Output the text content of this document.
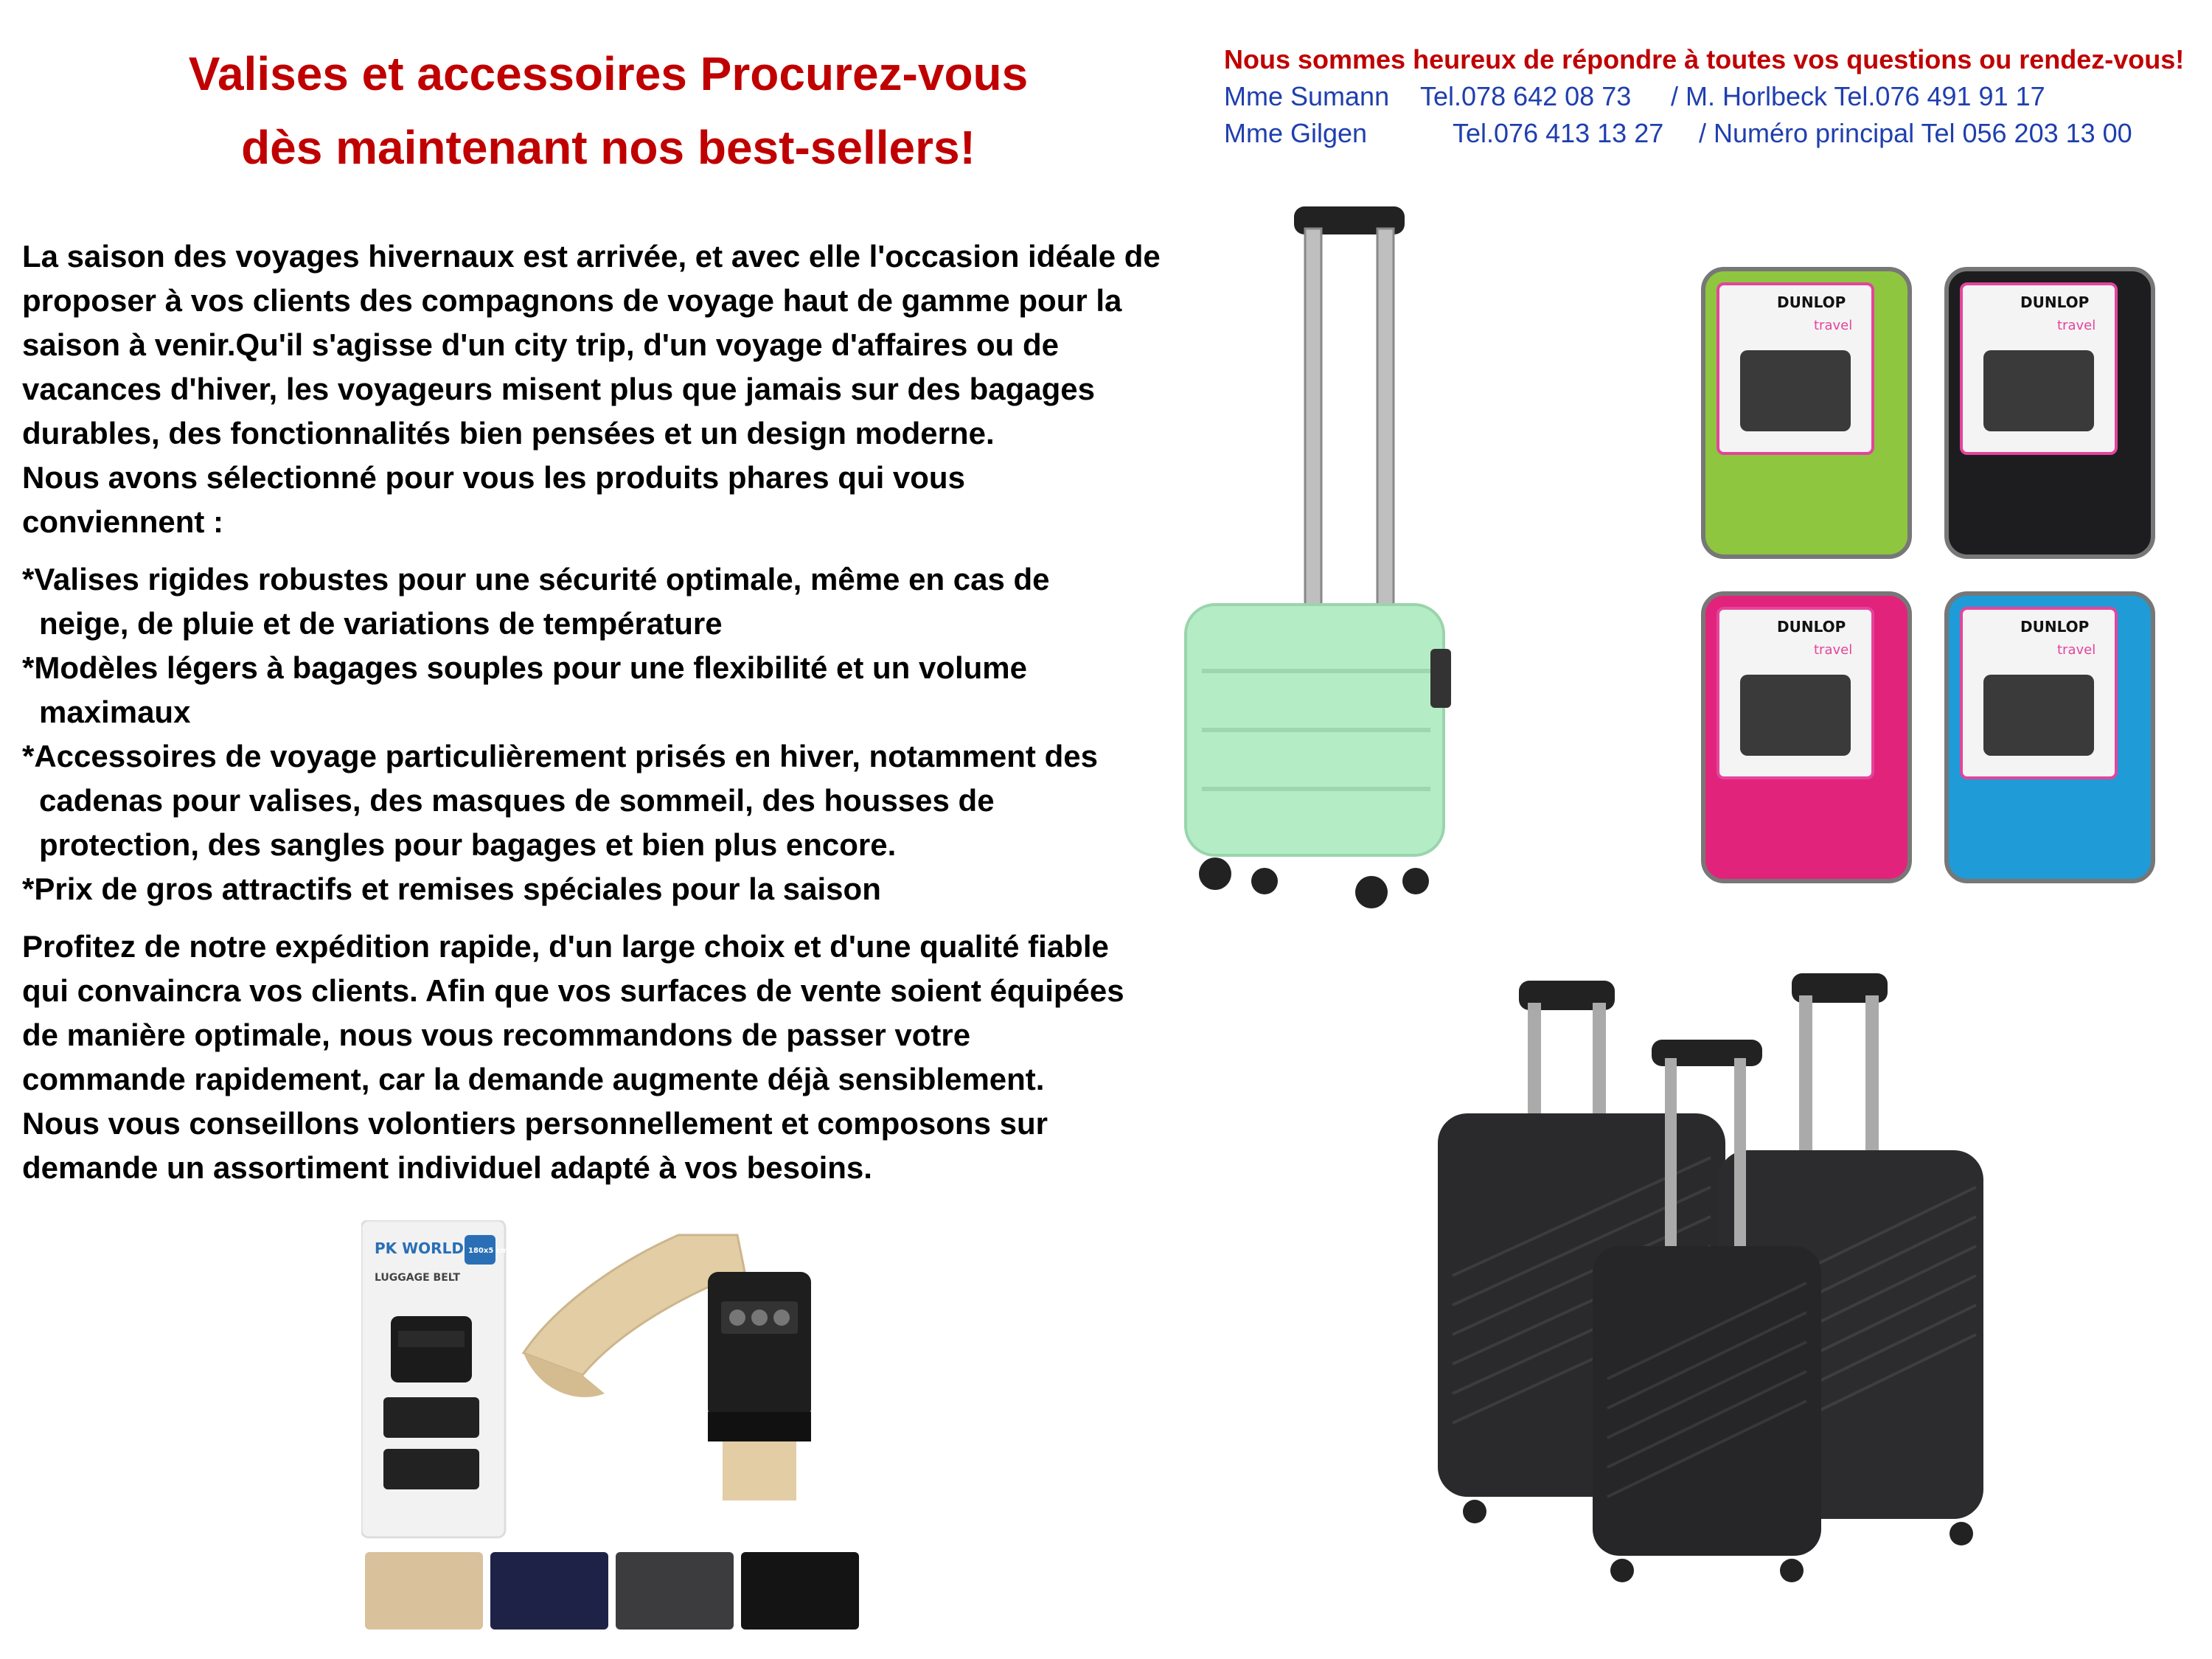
Valises et accessoires Procurez-vous
dès maintenant nos best-sellers!
Nous sommes heureux de répondre à toutes vos questions ou rendez-vous!
Mme Sumann Tel.078 642 08 73 / M. Horlbeck Tel.076 491 91 17
Mme Gilgen	Tel.076 413 13 27 / Numéro principal Tel 056 203 13 00

La saison des voyages hivernaux est arrivée, et avec elle l'occasion idéale de

proposer à vos clients des compagnons de voyage haut de gamme pour la

saison à venir.Qu'il s'agisse d'un city trip, d'un voyage d'affaires ou de

vacances d'hiver, les voyageurs misent plus que jamais sur des bagages

durables, des fonctionnalités bien pensées et un design moderne.

Nous avons sélectionné pour vous les produits phares qui vous

conviennent :

*Valises rigides robustes pour une sécurité optimale, même en cas de

neige, de pluie et de variations de température

*Modèles légers à bagages souples pour une flexibilité et un volume

maximaux

*Accessoires de voyage particulièrement prisés en hiver, notamment des

cadenas pour valises, des masques de sommeil, des housses de

protection, des sangles pour bagages et bien plus encore.

*Prix de gros attractifs et remises spéciales pour la saison

Profitez de notre expédition rapide, d'un large choix et d'une qualité fiable

qui convaincra vos clients. Afin que vos surfaces de vente soient équipées

de manière optimale, nous vous recommandons de passer votre

commande rapidement, car la demande augmente déjà sensiblement.

Nous vous conseillons volontiers personnellement et composons sur

demande un assortiment individuel adapté à vos besoins.

DUNLOP
travel
DUNLOP
travel
DUNLOP
travel
DUNLOP
travel
PK WORLD 180x5 cm
LUGGAGE BELT
